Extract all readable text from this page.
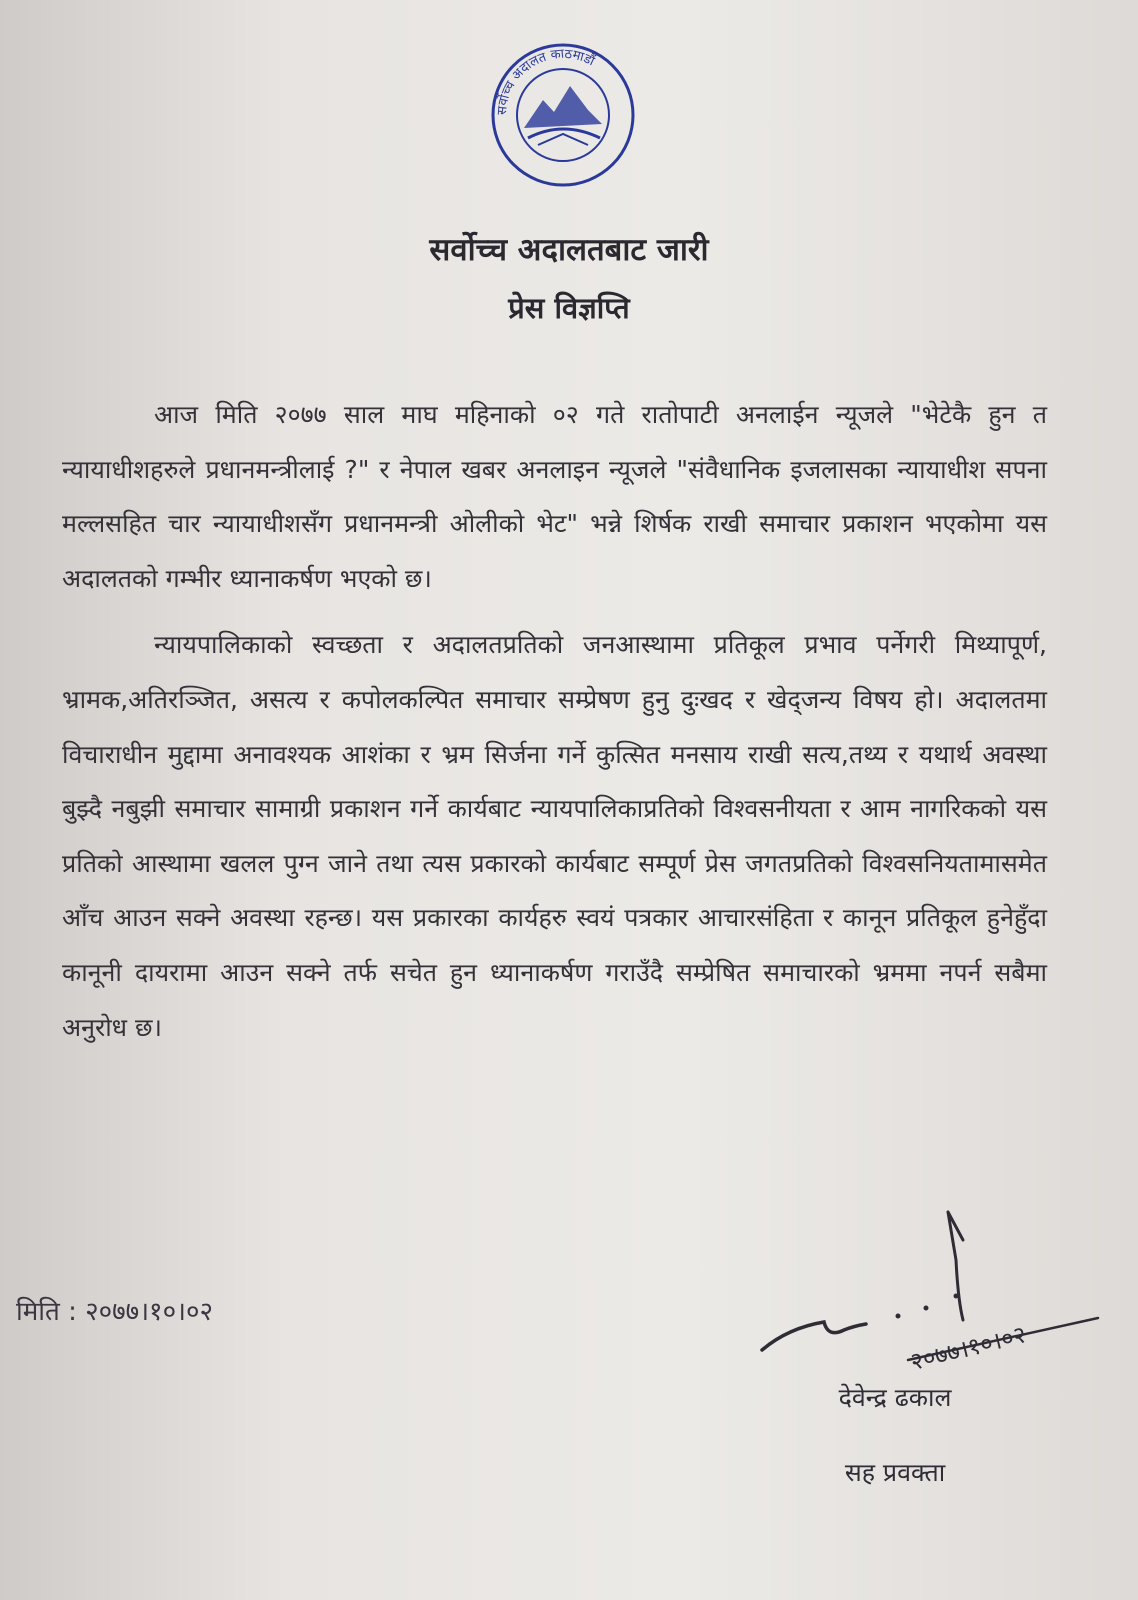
सर्वोच्च अदालत काठमाडौं
सर्वोच्च अदालतबाट जारी
प्रेस विज्ञप्ति

आज मिति २०७७ साल माघ महिनाको ०२ गते रातोपाटी अनलाईन न्यूजले "भेटेकै हुन त न्यायाधीशहरुले प्रधानमन्त्रीलाई ?" र नेपाल खबर अनलाइन न्यूजले "संवैधानिक इजलासका न्यायाधीश सपना मल्लसहित चार न्यायाधीशसँग प्रधानमन्त्री ओलीको भेट" भन्ने शिर्षक राखी समाचार प्रकाशन भएकोमा यस अदालतको गम्भीर ध्यानाकर्षण भएको छ।

न्यायपालिकाको स्वच्छता र अदालतप्रतिको जनआस्थामा प्रतिकूल प्रभाव पर्नेगरी मिथ्यापूर्ण, भ्रामक,अतिरञ्जित, असत्य र कपोलकल्पित समाचार सम्प्रेषण हुनु दुःखद र खेद्जन्य विषय हो। अदालतमा विचाराधीन मुद्दामा अनावश्यक आशंका र भ्रम सिर्जना गर्ने कुत्सित मनसाय राखी सत्य,तथ्य र यथार्थ अवस्था बुझ्दै नबुझी समाचार सामाग्री प्रकाशन गर्ने कार्यबाट न्यायपालिकाप्रतिको विश्वसनीयता र आम नागरिकको यस प्रतिको आस्थामा खलल पुग्न जाने तथा त्यस प्रकारको कार्यबाट सम्पूर्ण प्रेस जगतप्रतिको विश्वसनियतामासमेत आँच आउन सक्ने अवस्था रहन्छ। यस प्रकारका कार्यहरु स्वयं पत्रकार आचारसंहिता र कानून प्रतिकूल हुनेहुँदा कानूनी दायरामा आउन सक्ने तर्फ सचेत हुन ध्यानाकर्षण गराउँदै सम्प्रेषित समाचारको भ्रममा नपर्न सबैमा अनुरोध छ।

मिति : २०७७।१०।०२
२०७७।१०।०२
देवेन्द्र ढकाल
सह प्रवक्ता
